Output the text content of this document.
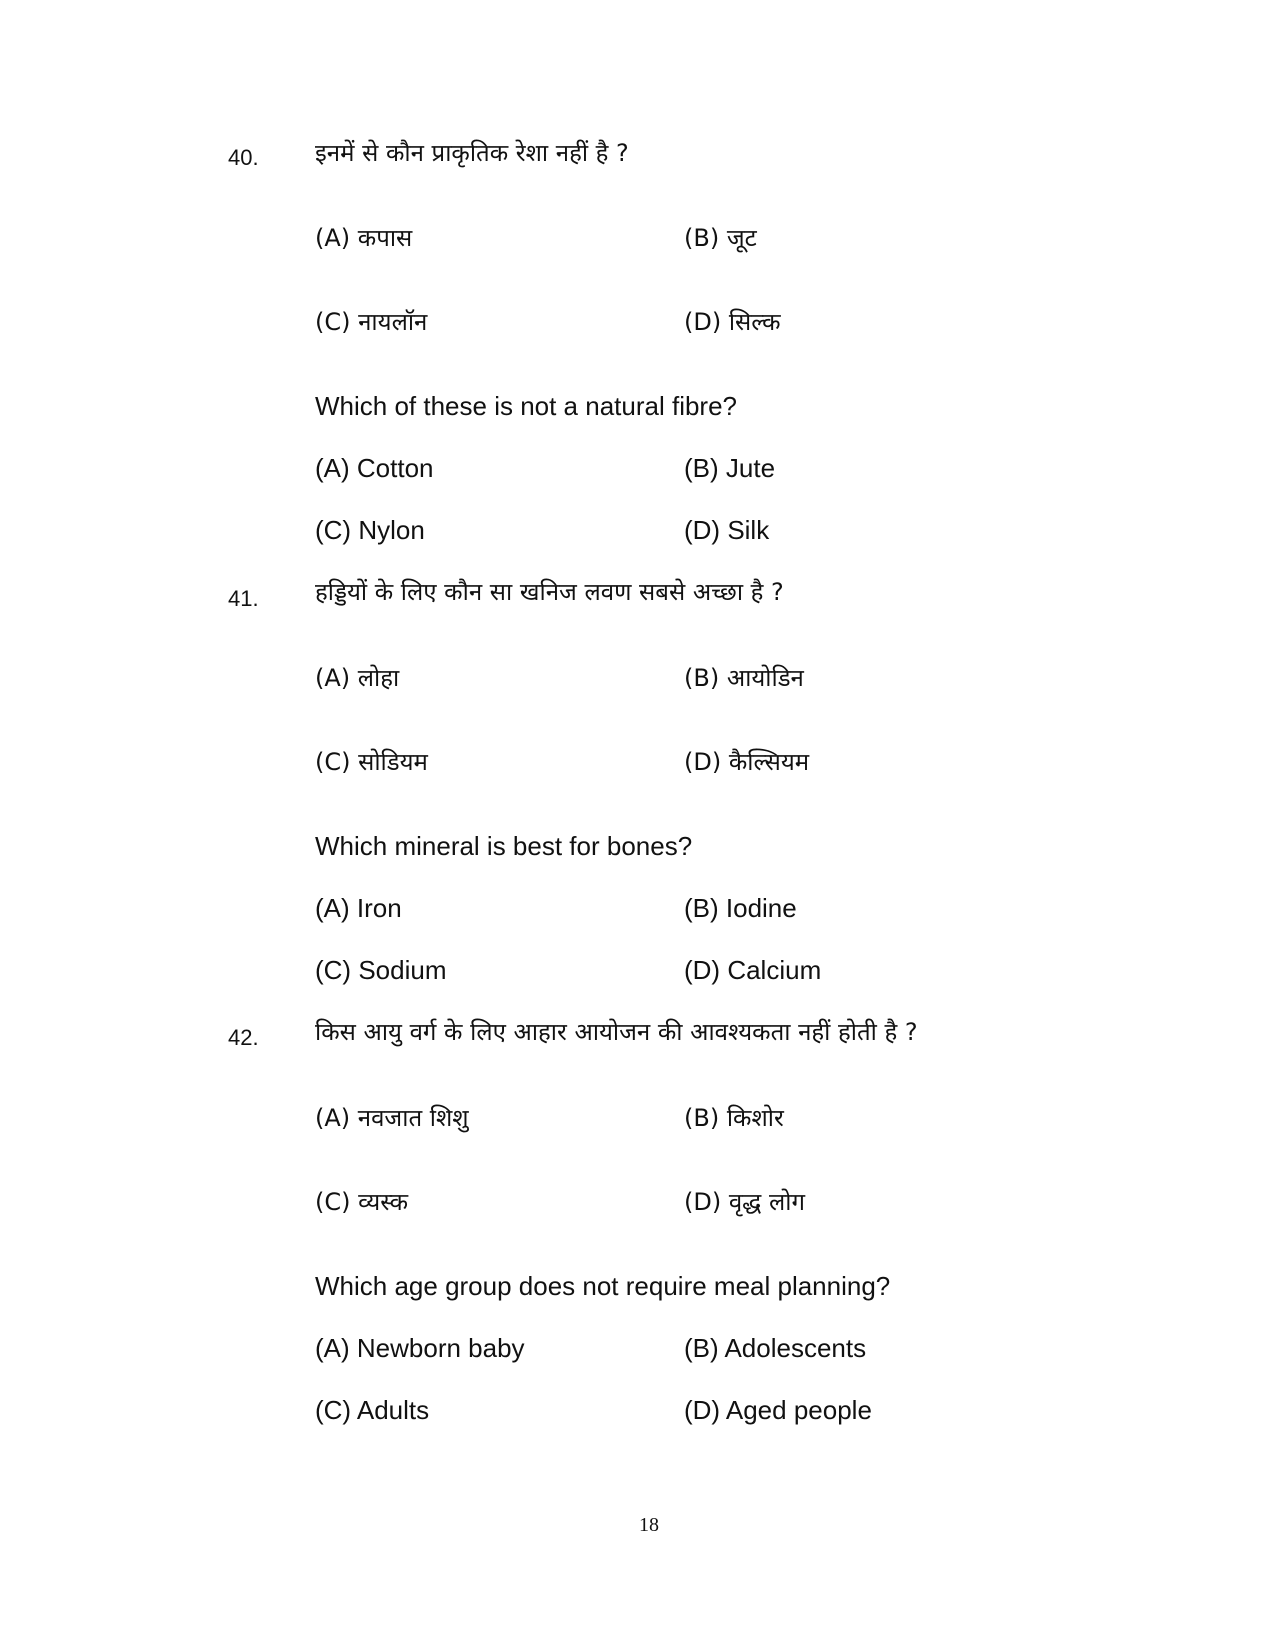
40. इनमें से कौन प्राकृतिक रेशा नहीं है ?
(A) कपास	(B) जूट
(C) नायलॉन	(D) सिल्क
Which of these is not a natural fibre?
(A) Cotton	(B) Jute
(C) Nylon	(D) Silk
41. हड्डियों के लिए कौन सा खनिज लवण सबसे अच्छा है ?
(A) लोहा	(B) आयोडिन
(C) सोडियम	(D) कैल्सियम
Which mineral is best for bones?
(A) Iron	(B) Iodine
(C) Sodium	(D) Calcium
42. किस आयु वर्ग के लिए आहार आयोजन की आवश्यकता नहीं होती है ?
(A) नवजात शिशु	(B) किशोर
(C) व्यस्क	(D) वृद्ध लोग
Which age group does not require meal planning?
(A) Newborn baby	(B) Adolescents
(C) Adults	(D) Aged people
18
